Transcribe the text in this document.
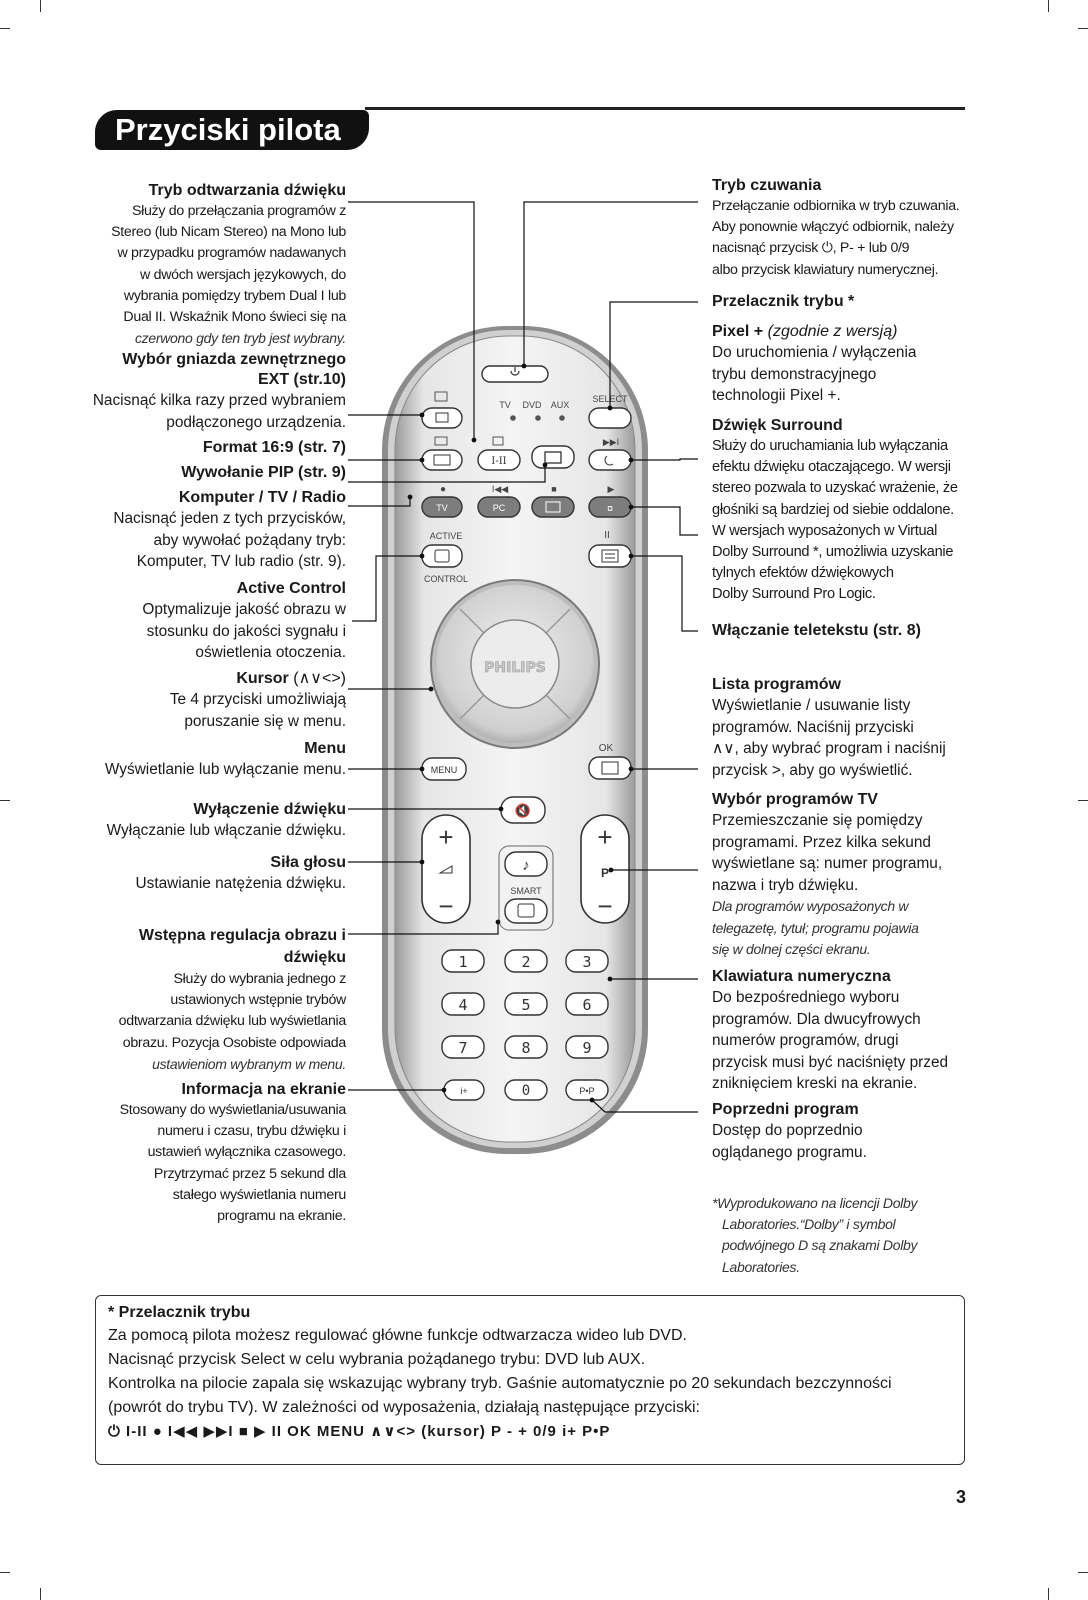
Przyciski pilota
TV DVD AUX
SELECT
I-II
▶▶I
●	I◀◀	■	▶
TV	PC	¤
ACTIVE
CONTROL
II
PHILIPS
MENU
OK
🔇
+
−
♪
SMART
+
P
−
1	2	3
4	5	6
7	8	9
i+	0	P•P
Tryb odtwarzania dźwięku
Służy do przełączania programów z
Stereo (lub Nicam Stereo) na Mono lub
w przypadku programów nadawanych
w dwóch wersjach językowych, do
wybrania pomiędzy trybem Dual I lub
Dual II. Wskaźnik Mono świeci się na
czerwono gdy ten tryb jest wybrany.
Wybór gniazda zewnętrznego EXT (str.10)
Nacisnąć kilka razy przed wybraniem
podłączonego urządzenia.
Format 16:9 (str. 7)
Wywołanie PIP (str. 9)
Komputer / TV / Radio
Nacisnąć jeden z tych przycisków,
aby wywołać pożądany tryb:
Komputer, TV lub radio (str. 9).
Active Control
Optymalizuje jakość obrazu w
stosunku do jakości sygnału i
oświetlenia otoczenia.
Kursor (∧∨<>)
Te 4 przyciski umożliwiają
poruszanie się w menu.
Menu
Wyświetlanie lub wyłączanie menu.
Wyłączenie dźwięku
Wyłączanie lub włączanie dźwięku.
Siła głosu
Ustawianie natężenia dźwięku.
Wstępna regulacja obrazu i dźwięku
Służy do wybrania jednego z
ustawionych wstępnie trybów
odtwarzania dźwięku lub wyświetlania
obrazu. Pozycja Osobiste odpowiada
ustawieniom wybranym w menu.
Informacja na ekranie
Stosowany do wyświetlania/usuwania
numeru i czasu, trybu dźwięku i
ustawień wyłącznika czasowego.
Przytrzymać przez 5 sekund dla
stałego wyświetlania numeru
programu na ekranie.
Tryb czuwania
Przełączanie odbiornika w tryb czuwania.
Aby ponownie włączyć odbiornik, należy
nacisnąć przycisk ⏻, P- + lub 0/9
albo przycisk klawiatury numerycznej.
Przelacznik trybu *
Pixel + (zgodnie z wersją)
Do uruchomienia / wyłączenia
trybu demonstracyjnego
technologii Pixel +.
Dźwięk Surround
Służy do uruchamiania lub wyłączania
efektu dźwięku otaczającego. W wersji
stereo pozwala to uzyskać wrażenie, że
głośniki są bardziej od siebie oddalone.
W wersjach wyposażonych w Virtual
Dolby Surround *, umożliwia uzyskanie
tylnych efektów dźwiękowych
Dolby Surround Pro Logic.
Włączanie teletekstu (str. 8)
Lista programów
Wyświetlanie / usuwanie listy
programów. Naciśnij przyciski
∧∨, aby wybrać program i naciśnij
przycisk >, aby go wyświetlić.
Wybór programów TV
Przemieszczanie się pomiędzy
programami. Przez kilka sekund
wyświetlane są: numer programu,
nazwa i tryb dźwięku.
Dla programów wyposażonych w
telegazetę, tytuł; programu pojawia
się w dolnej części ekranu.
Klawiatura numeryczna
Do bezpośredniego wyboru
programów. Dla dwucyfrowych
numerów programów, drugi
przycisk musi być naciśnięty przed
zniknięciem kreski na ekranie.
Poprzedni program
Dostęp do poprzednio
oglądanego programu.
*Wyprodukowano na licencji Dolby
Laboratories.“Dolby” i symbol
podwójnego D są znakami Dolby
Laboratories.
* Przelacznik trybu
Za pomocą pilota możesz regulować główne funkcje odtwarzacza wideo lub DVD.
Nacisnąć przycisk Select w celu wybrania pożądanego trybu: DVD lub AUX.
Kontrolka na pilocie zapala się wskazując wybrany tryb. Gaśnie automatycznie po 20 sekundach bezczynności
(powrót do trybu TV). W zależności od wyposażenia, działają następujące przyciski:
⏻ I-II ● I◀◀ ▶▶I ■ ▶ II OK MENU ∧∨<> (kursor) P - + 0/9 i+ P•P
3
